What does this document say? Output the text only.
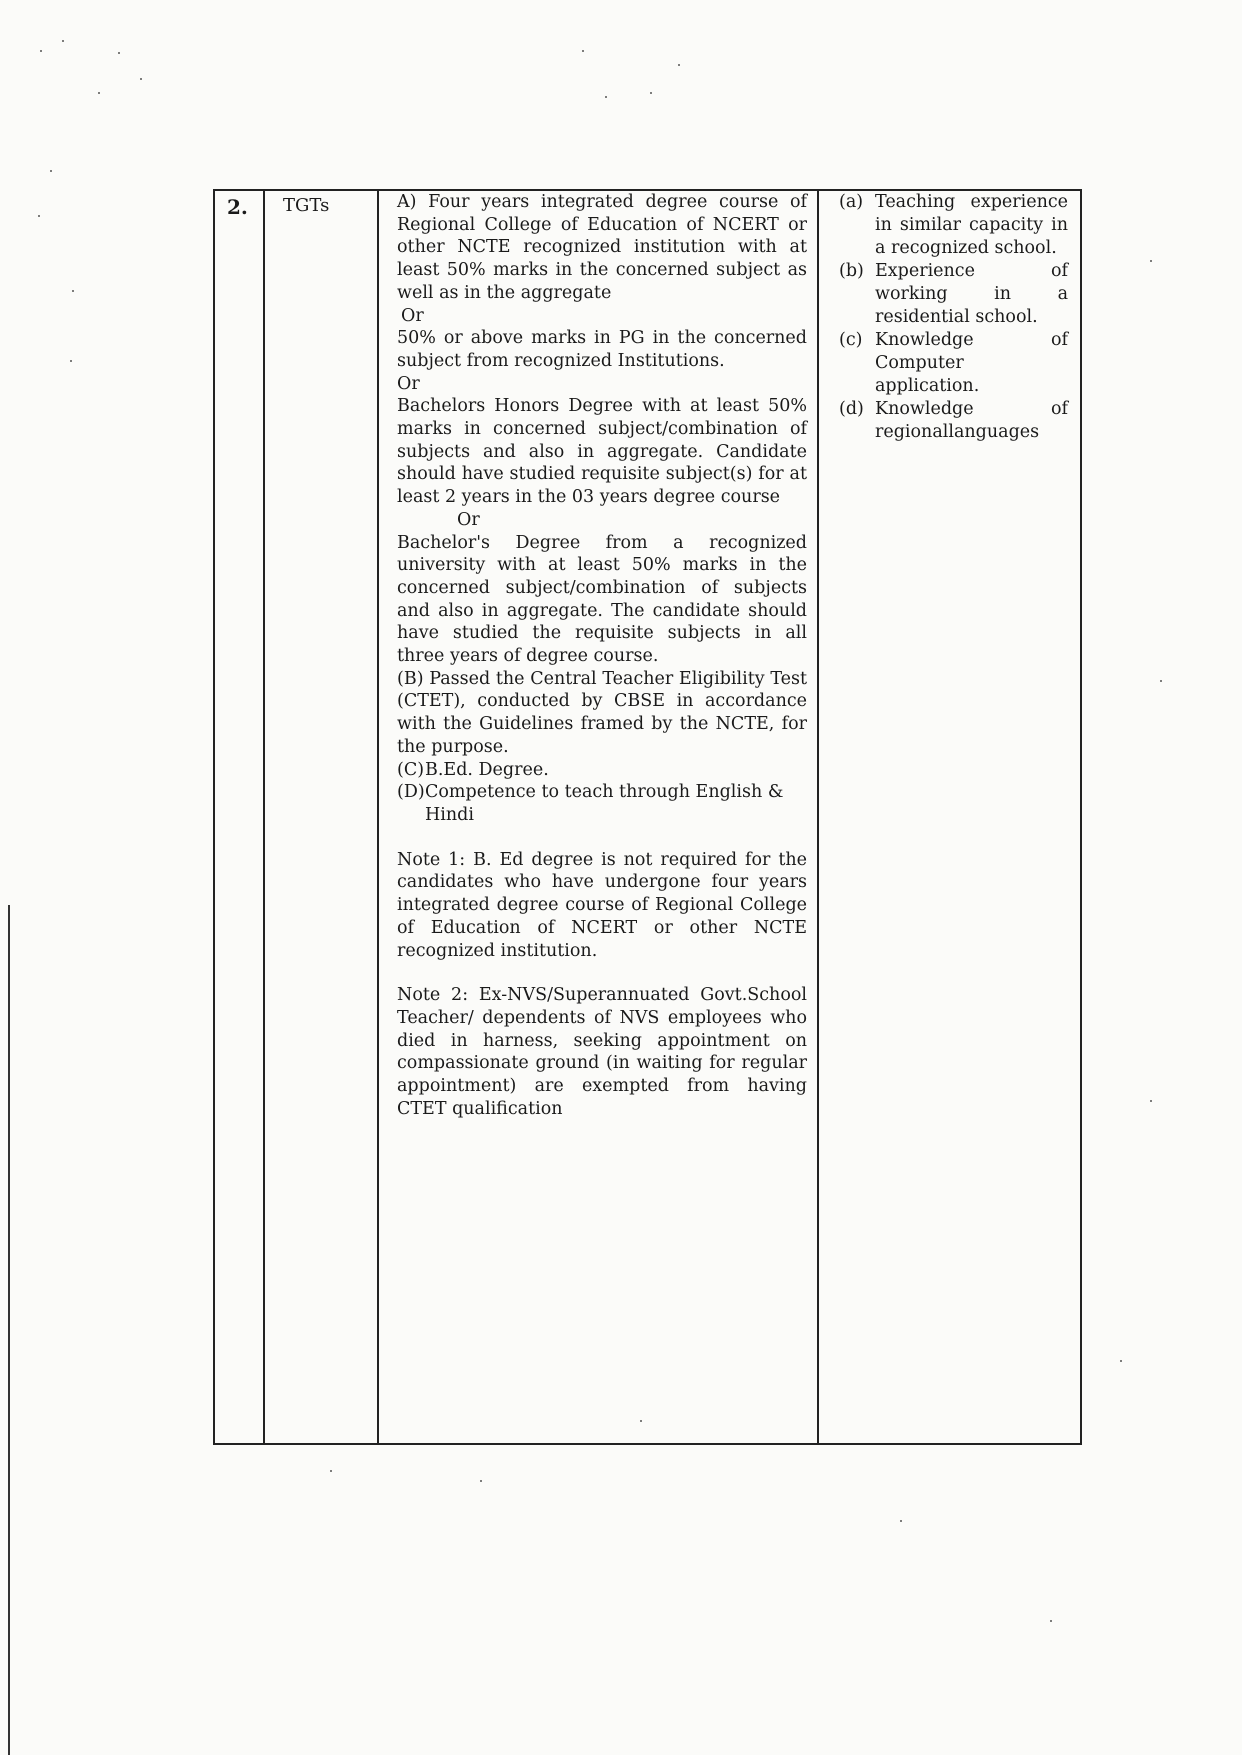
2. TGTs	A) Four years integrated degree course of Regional College of Education of NCERT or other NCTE recognized institution with at least 50% marks in the concerned subject as well as in the aggregate

Or

50% or above marks in PG in the concerned subject from recognized Institutions.

Or

Bachelors Honors Degree with at least 50% marks in concerned subject/combination of subjects and also in aggregate. Candidate should have studied requisite subject(s) for at least 2 years in the 03 years degree course

Or

Bachelor's Degree from a recognized university with at least 50% marks in the concerned subject/combination of subjects and also in aggregate. The candidate should have studied the requisite subjects in all three years of degree course.

(B) Passed the Central Teacher Eligibility Test (CTET), conducted by CBSE in accordance with the Guidelines framed by the NCTE, for the purpose.

(C) B.Ed. Degree.
(D) Competence to teach through English & Hindi

Note 1: B. Ed degree is not required for the candidates who have undergone four years integrated degree course of Regional College of Education of NCERT or other NCTE recognized institution.

Note 2: Ex-NVS/Superannuated Govt.School Teacher/ dependents of NVS employees who died in harness, seeking appointment on compassionate ground (in waiting for regular appointment) are exempted from having CTET qualification

(a) Teaching experience in similar capacity in a recognized school.
(b) Experience of working in a residential school.
(c) Knowledge of Computer application.
(d) Knowledge of regionallanguages
